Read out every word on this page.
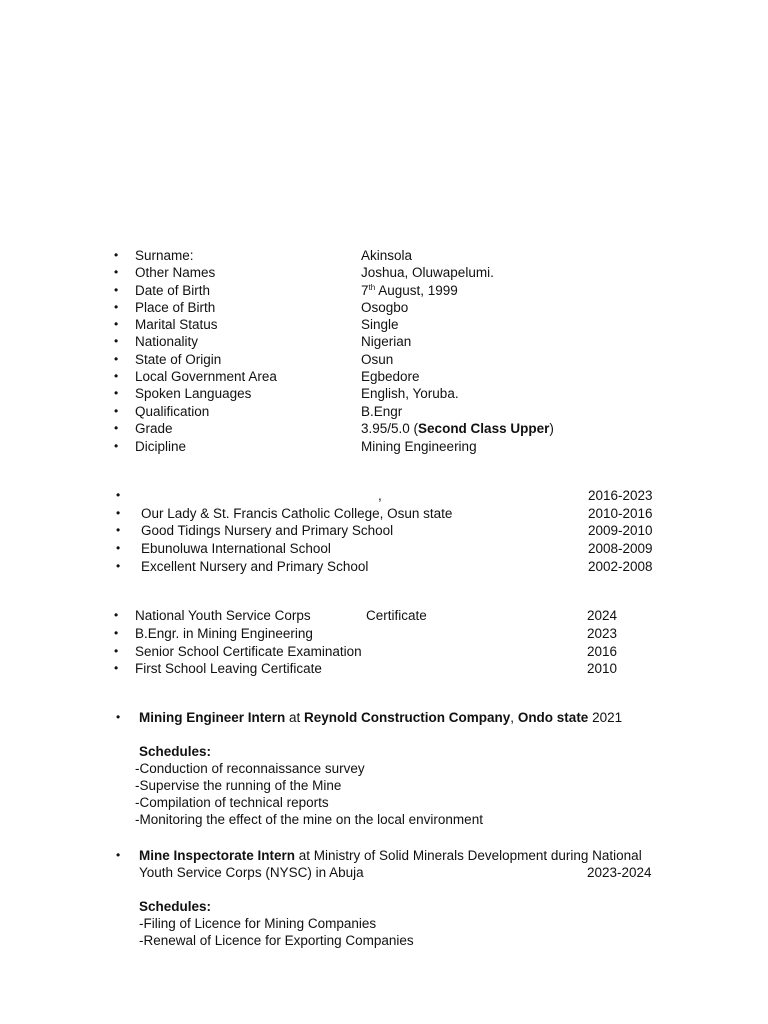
• Surname:	Akinsola
• Other Names	Joshua, Oluwapelumi.
• Date of Birth	7th August, 1999
• Place of Birth	Osogbo
• Marital Status	Single
• Nationality	Nigerian
• State of Origin	Osun
• Local Government Area	Egbedore
• Spoken Languages	English, Yoruba.
• Qualification	B.Engr
• Grade	3.95/5.0 (Second Class Upper)
• Dicipline	Mining Engineering
•	,	2016-2023
• Our Lady & St. Francis Catholic College, Osun state	2010-2016
• Good Tidings Nursery and Primary School	2009-2010
• Ebunoluwa International School	2008-2009
• Excellent Nursery and Primary School	2002-2008
• National Youth Service Corps	Certificate	2024
• B.Engr. in Mining Engineering	2023
• Senior School Certificate Examination	2016
• First School Leaving Certificate	2010
• Mining Engineer Intern at Reynold Construction Company, Ondo state 2021
Schedules:
-Conduction of reconnaissance survey
-Supervise the running of the Mine
-Compilation of technical reports
-Monitoring the effect of the mine on the local environment
• Mine Inspectorate Intern at Ministry of Solid Minerals Development during National
Youth Service Corps (NYSC) in Abuja	2023-2024
Schedules:
-Filing of Licence for Mining Companies
-Renewal of Licence for Exporting Companies
